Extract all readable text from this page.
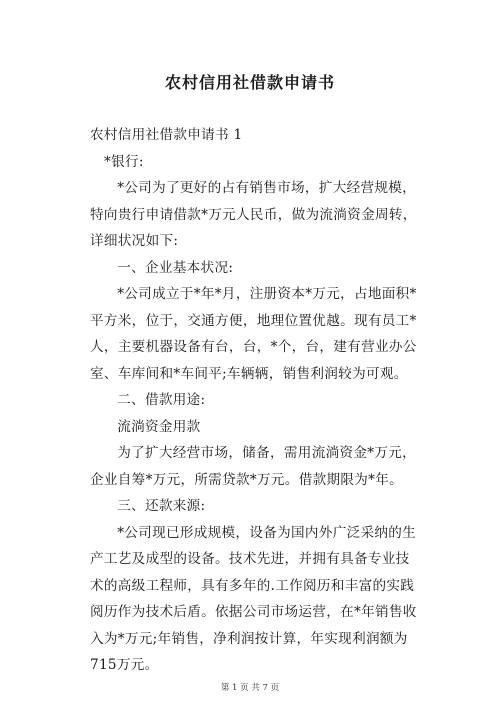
农村信用社借款申请书

农村信用社借款申请书 1

*银行:

*公司为了更好的占有销售市场，扩大经营规模，特向贵行申请借款*万元人民币，做为流淌资金周转，详细状况如下:

一、企业基本状况:

*公司成立于*年*月，注册资本*万元，占地面积*平方米，位于，交通方便，地理位置优越。现有员工*人，主要机器设备有台，台，*个，台，建有营业办公室、车库间和*车间平;车辆辆，销售利润较为可观。

二、借款用途:

流淌资金用款

为了扩大经营市场，储备，需用流淌资金*万元，企业自筹*万元，所需贷款*万元。借款期限为*年。

三、还款来源:

*公司现已形成规模，设备为国内外广泛采纳的生产工艺及成型的设备。技术先进，并拥有具备专业技术的高级工程师，具有多年的.工作阅历和丰富的实践阅历作为技术后盾。依据公司市场运营，在*年销售收入为*万元;年销售，净利润按计算，年实现利润额为715万元。

第 1 页 共 7 页
